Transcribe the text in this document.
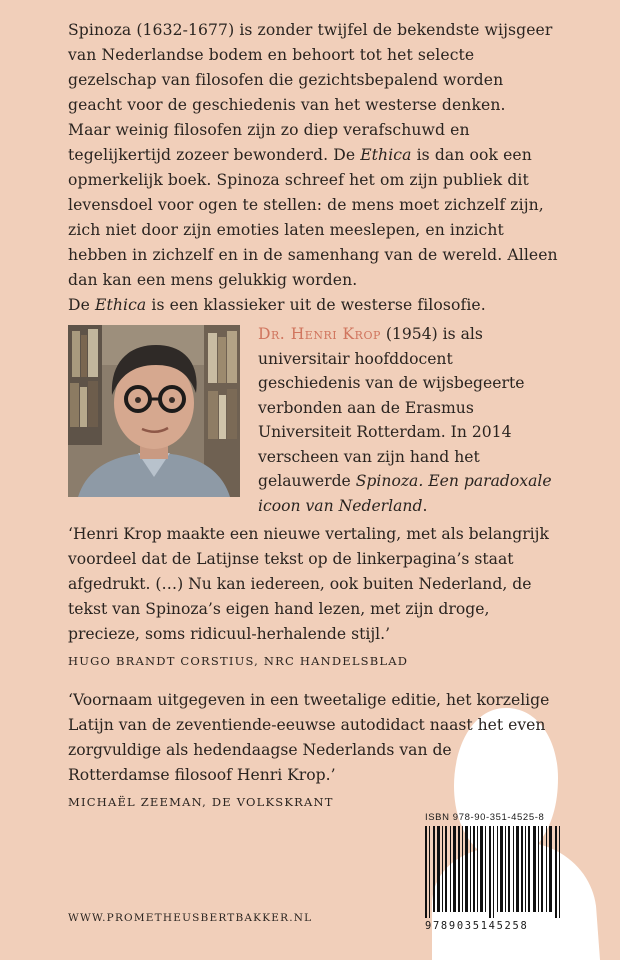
Spinoza (1632-1677) is zonder twijfel de bekendste wijsgeer van Nederlandse bodem en behoort tot het selecte gezelschap van filosofen die gezichtsbepalend worden geacht voor de geschiedenis van het westerse denken.

Maar weinig filosofen zijn zo diep verafschuwd en tegelijkertijd zozeer bewonderd. De Ethica is dan ook een opmerkelijk boek. Spinoza schreef het om zijn publiek dit levensdoel voor ogen te stellen: de mens moet zichzelf zijn, zich niet door zijn emoties laten meeslepen, en inzicht hebben in zichzelf en in de samenhang van de wereld. Alleen dan kan een mens gelukkig worden.

De Ethica is een klassieker uit de westerse filosofie.

Dr. Henri Krop (1954) is als universitair hoofddocent geschiedenis van de wijsbegeerte verbonden aan de Erasmus Universiteit Rotterdam. In 2014 verscheen van zijn hand het gelauwerde Spinoza. Een paradoxale icoon van Nederland.

‘Henri Krop maakte een nieuwe vertaling, met als belangrijk voordeel dat de Latijnse tekst op de linkerpagina’s staat afgedrukt. (…) Nu kan iedereen, ook buiten Nederland, de tekst van Spinoza’s eigen hand lezen, met zijn droge, precieze, soms ridicuul-herhalende stijl.’

HUGO BRANDT CORSTIUS, NRC HANDELSBLAD

‘Voornaam uitgegeven in een tweetalige editie, het korzelige Latijn van de zeventiende-eeuwse autodidact naast het even zorgvuldige als hedendaagse Nederlands van de Rotterdamse filosoof Henri Krop.’

MICHAËL ZEEMAN, DE VOLKSKRANT
ISBN 978-90-351-4525-8
9789035145258
WWW.PROMETHEUSBERTBAKKER.NL
